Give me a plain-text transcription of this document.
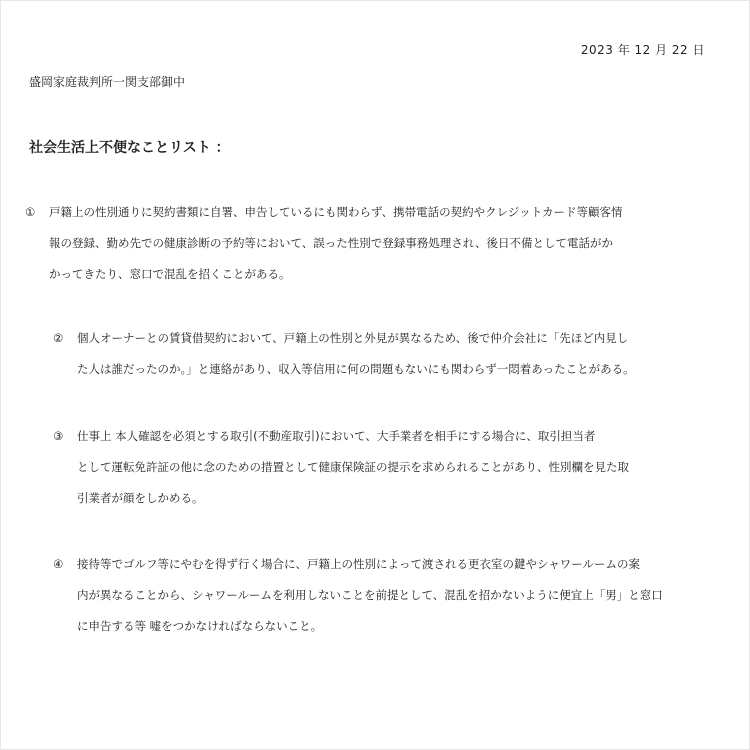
2023 年 12 月 22 日
盛岡家庭裁判所一関支部御中
社会生活上不便なことリスト ：
①	戸籍上の性別通りに契約書類に自署、申告しているにも関わらず、携帯電話の契約やクレジットカード等顧客情
報の登録、勤め先での健康診断の予約等において、誤った性別で登録事務処理され、後日不備として電話がか
かってきたり、窓口で混乱を招くことがある。
②	個人オーナーとの賃貸借契約において、戸籍上の性別と外見が異なるため、後で仲介会社に「先ほど内見し
た人は誰だったのか。」と連絡があり、収入等信用に何の問題もないにも関わらず一悶着あったことがある。
③	仕事上 本人確認を必須とする取引(不動産取引)において、大手業者を相手にする場合に、取引担当者
として運転免許証の他に念のための措置として健康保険証の提示を求められることがあり、性別欄を見た取
引業者が顔をしかめる。
④	接待等でゴルフ等にやむを得ず行く場合に、戸籍上の性別によって渡される更衣室の鍵やシャワールームの案
内が異なることから、シャワールームを利用しないことを前提として、混乱を招かないように便宜上「男」と窓口
に申告する等 嘘をつかなければならないこと。
